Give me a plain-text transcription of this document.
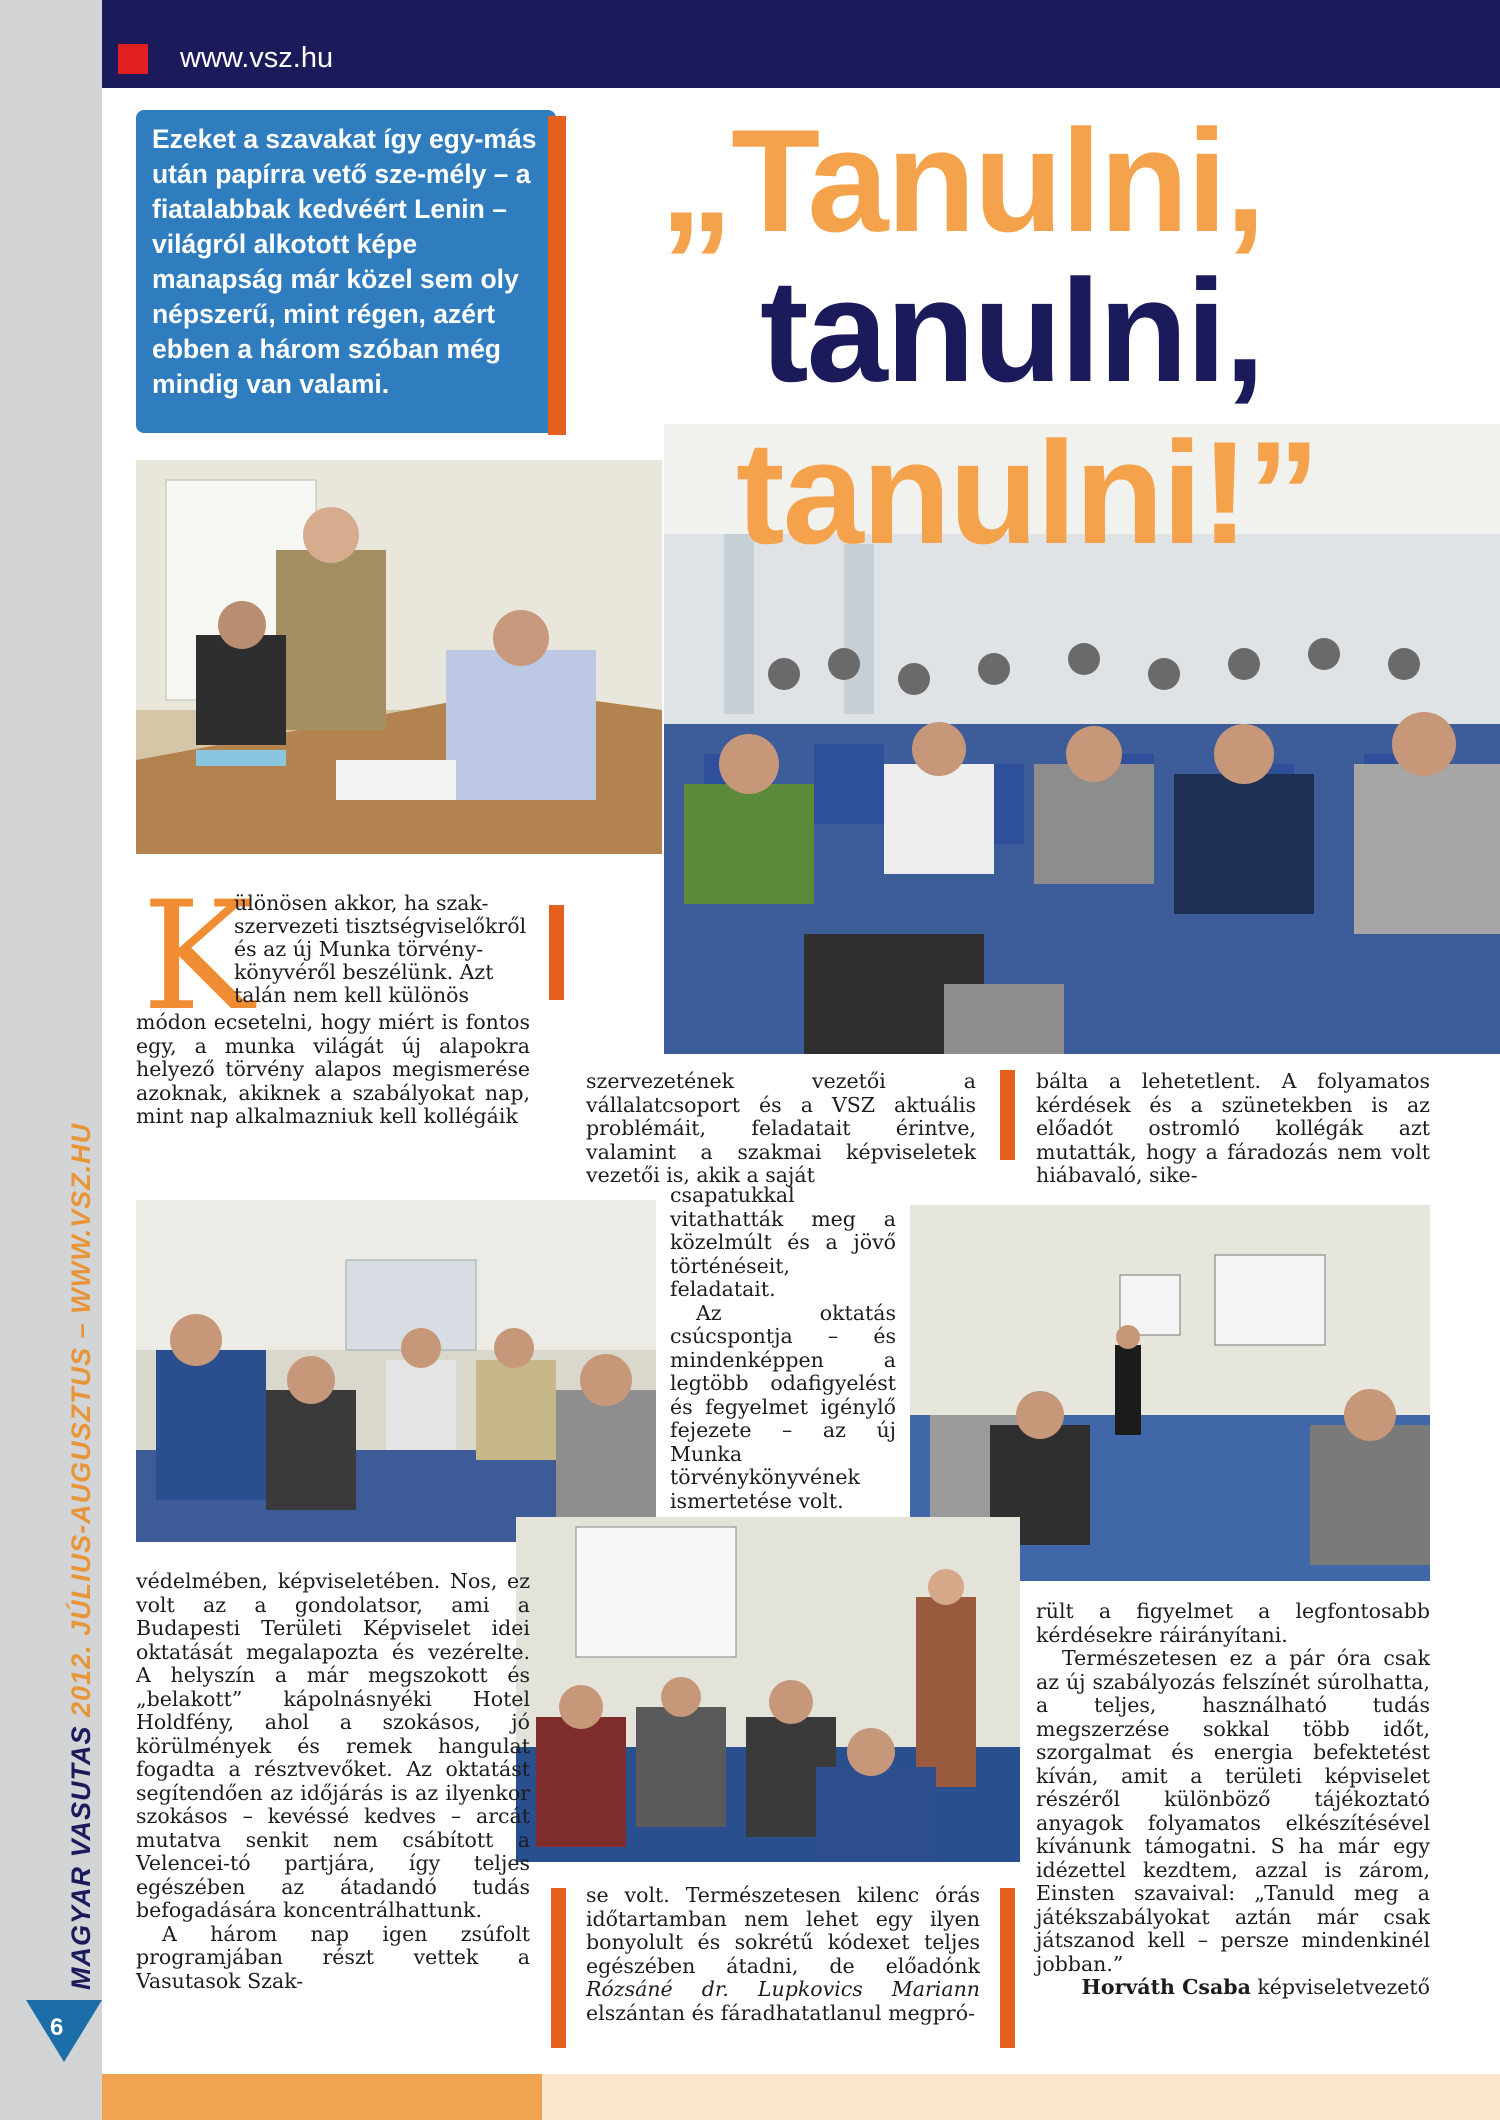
MAGYAR VASUTAS 2012. JÚLIUS-AUGUSZTUS – WWW.VSZ.HU
6
www.vsz.hu
Ezeket a szavakat így egy-más után papírra vető sze-mély – a fiatalabbak kedvéért Lenin – világról alkotott képe manapság már közel sem oly népszerű, mint régen, azért ebben a három szóban még mindig van valami.
„Tanulni,
tanulni,
tanulni!”
K
ülönösen akkor, ha szak-
szervezeti tisztségviselőkről
és az új Munka törvény-
könyvéről beszélünk. Azt
talán nem kell különös
módon ecsetelni, hogy miért is fontos egy, a munka világát új alapokra helyező törvény alapos megismerése azoknak, akiknek a szabályokat nap, mint nap alkalmazniuk kell kollégáik

védelmében, képviseletében. Nos, ez volt az a gondolatsor, ami a Budapesti Területi Képviselet idei oktatását megalapozta és vezérelte. A helyszín a már megszokott és „belakott” kápolnásnyéki Hotel Holdfény, ahol a szokásos, jó körülmények és remek hangulat fogadta a résztvevőket. Az oktatást segítendően az időjárás is az ilyenkor szokásos – kevéssé kedves – arcát mutatva senkit nem csábított a Velencei-tó partjára, így teljes egészében az átadandó tudás befogadására koncentrálhattunk.

A három nap igen zsúfolt programjában részt vettek a Vasutasok Szak-

szervezetének vezetői a vállalatcsoport és a VSZ aktuális problémáit, feladatait érintve, valamint a szakmai képviseletek vezetői is, akik a saját

csapatukkal vitathatták meg a közelmúlt és a jövő történéseit, feladatait.

Az oktatás csúcspontja – és mindenképpen a legtöbb odafigyelést és fegyelmet igénylő fejezete – az új Munka törvénykönyvének ismertetése volt.

se volt. Természetesen kilenc órás időtartamban nem lehet egy ilyen bonyolult és sokrétű kódexet teljes egészében átadni, de előadónk Rózsáné dr. Lupkovics Mariann elszántan és fáradhatatlanul megpró-
bálta a lehetetlent. A folyamatos kérdések és a szünetekben is az előadót ostromló kollégák azt mutatták, hogy a fáradozás nem volt hiábavaló, sike-

rült a figyelmet a legfontosabb kérdésekre ráirányítani.

Természetesen ez a pár óra csak az új szabályozás felszínét súrolhatta, a teljes, használható tudás megszerzése sokkal több időt, szorgalmat és energia befektetést kíván, amit a területi képviselet részéről különböző tájékoztató anyagok folyamatos elkészítésével kívánunk támogatni. S ha már egy idézettel kezdtem, azzal is zárom, Einsten szavaival: „Tanuld meg a játékszabályokat aztán már csak játszanod kell – persze mindenkinél jobban.”

Horváth Csaba képviseletvezető
